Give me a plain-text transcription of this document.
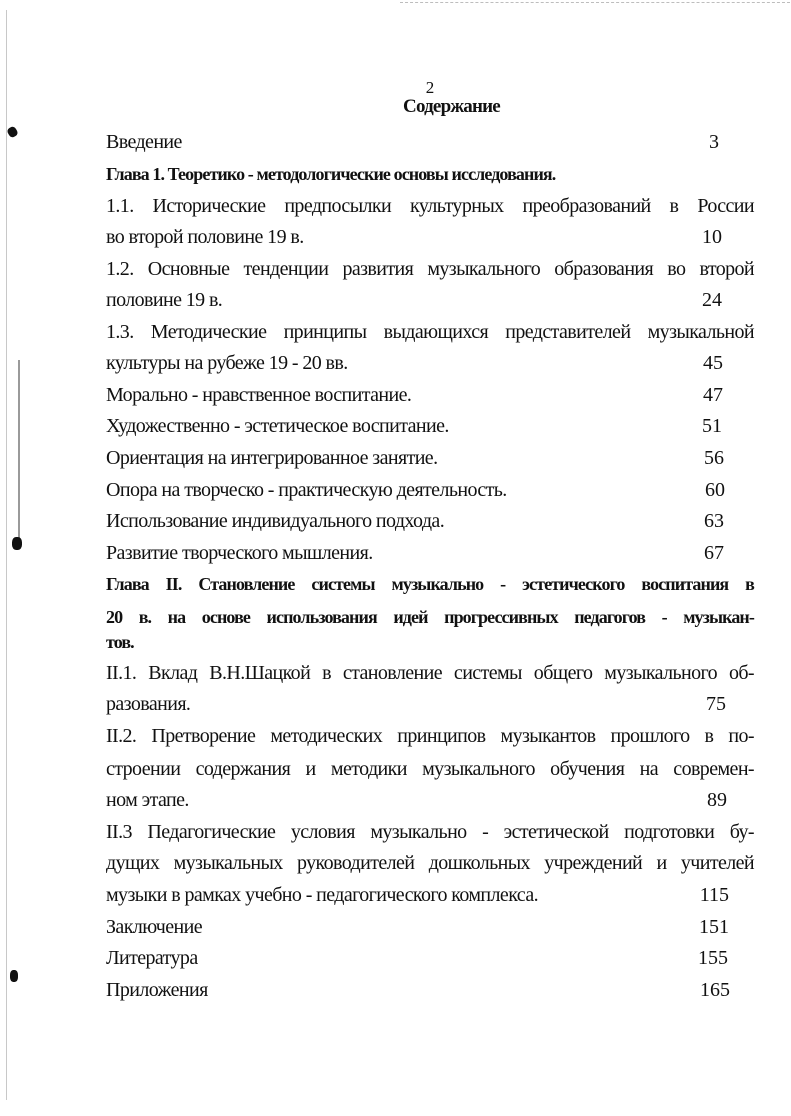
2
Содержание
Введение
Глава 1. Теоретико - методологические основы исследования.
1.1. Исторические предпосылки культурных преобразований в России
во второй половине 19 в.
1.2. Основные тенденции развития музыкального образования во второй
половине 19 в.
1.3. Методические принципы выдающихся представителей музыкальной
культуры на рубеже 19 - 20 вв.
Морально - нравственное воспитание.
Художественно - эстетическое воспитание.
Ориентация на интегрированное занятие.
Опора на творческо - практическую деятельность.
Использование индивидуального подхода.
Развитие творческого мышления.
Глава II. Становление системы музыкально - эстетического воспитания в
20 в. на основе использования идей прогрессивных педагогов - музыкан-
тов.
II.1. Вклад В.Н.Шацкой в становление системы общего музыкального об-
разования.
II.2. Претворение методических принципов музыкантов прошлого в по-
строении содержания и методики музыкального обучения на современ-
ном этапе.
II.3 Педагогические условия музыкально - эстетической подготовки бу-
дущих музыкальных руководителей дошкольных учреждений и учителей
музыки в рамках учебно - педагогического комплекса.
Заключение
Литература
Приложения
3
10
24
45
47
51
56
60
63
67
75
89
115
151
155
165
